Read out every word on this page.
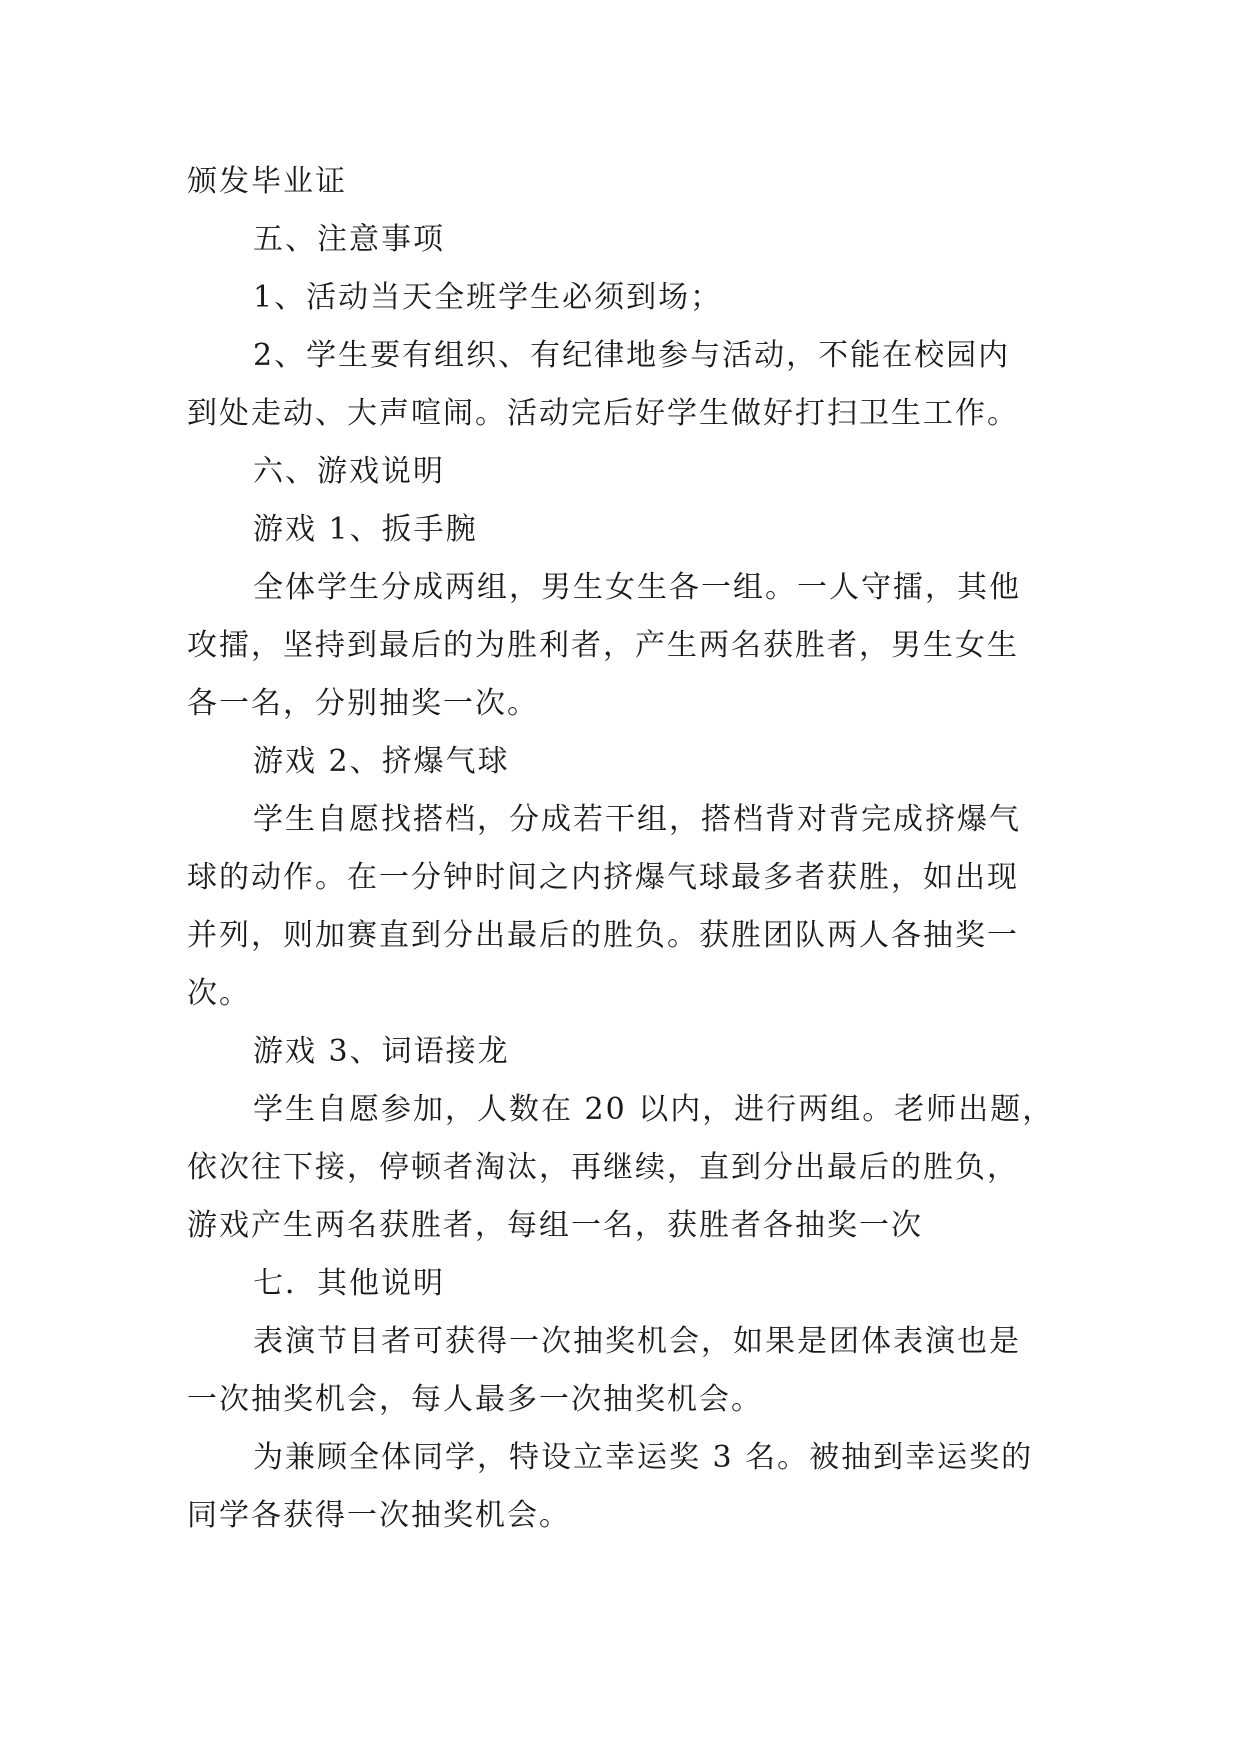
颁发毕业证

五、注意事项

1、活动当天全班学生必须到场；

2、学生要有组织、有纪律地参与活动，不能在校园内

到处走动、大声喧闹。活动完后好学生做好打扫卫生工作。

六、游戏说明

游戏 1、扳手腕

全体学生分成两组，男生女生各一组。一人守擂，其他

攻擂，坚持到最后的为胜利者，产生两名获胜者，男生女生

各一名，分别抽奖一次。

游戏 2、挤爆气球

学生自愿找搭档，分成若干组，搭档背对背完成挤爆气

球的动作。在一分钟时间之内挤爆气球最多者获胜，如出现

并列，则加赛直到分出最后的胜负。获胜团队两人各抽奖一

次。

游戏 3、词语接龙

学生自愿参加，人数在 20 以内，进行两组。老师出题，

依次往下接，停顿者淘汰，再继续，直到分出最后的胜负，

游戏产生两名获胜者，每组一名，获胜者各抽奖一次

七．其他说明

表演节目者可获得一次抽奖机会，如果是团体表演也是

一次抽奖机会，每人最多一次抽奖机会。

为兼顾全体同学，特设立幸运奖 3 名。被抽到幸运奖的

同学各获得一次抽奖机会。
